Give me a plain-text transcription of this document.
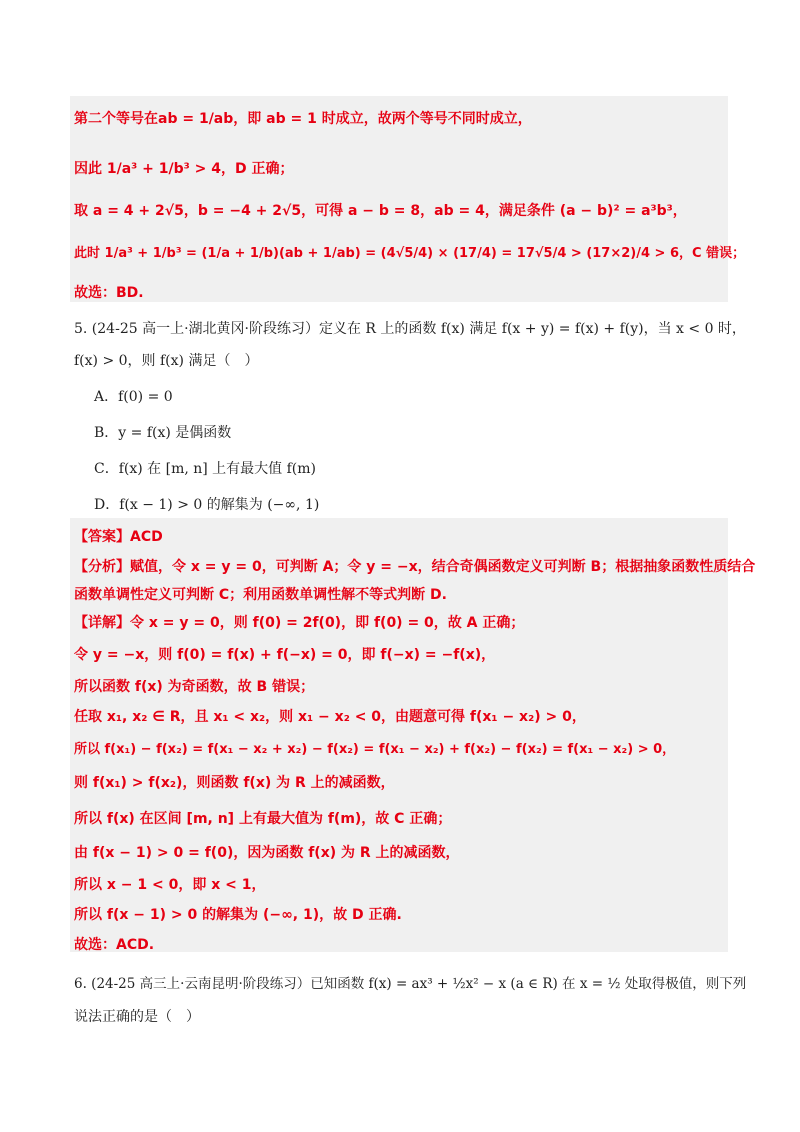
第二个等号在ab = 1/ab，即 ab = 1 时成立，故两个等号不同时成立，
因此 1/a³ + 1/b³ > 4，D 正确；
取 a = 4 + 2√5，b = −4 + 2√5，可得 a − b = 8，ab = 4，满足条件 (a − b)² = a³b³，
此时 1/a³ + 1/b³ = (1/a + 1/b)(ab + 1/ab) = (4√5/4) × (17/4) = 17√5/4 > (17×2)/4 > 6，C 错误；
故选：BD.
5. (24-25 高一上·湖北黄冈·阶段练习）定义在 R 上的函数 f(x) 满足 f(x + y) = f(x) + f(y)，当 x < 0 时，
f(x) > 0，则 f(x) 满足（　）
A．f(0) = 0
B．y = f(x) 是偶函数
C．f(x) 在 [m, n] 上有最大值 f(m)
D．f(x − 1) > 0 的解集为 (−∞, 1)
【答案】ACD
【分析】赋值，令 x = y = 0，可判断 A；令 y = −x，结合奇偶函数定义可判断 B；根据抽象函数性质结合
函数单调性定义可判断 C；利用函数单调性解不等式判断 D.
【详解】令 x = y = 0，则 f(0) = 2f(0)，即 f(0) = 0，故 A 正确；
令 y = −x，则 f(0) = f(x) + f(−x) = 0，即 f(−x) = −f(x)，
所以函数 f(x) 为奇函数，故 B 错误；
任取 x₁, x₂ ∈ R，且 x₁ < x₂，则 x₁ − x₂ < 0，由题意可得 f(x₁ − x₂) > 0，
所以 f(x₁) − f(x₂) = f(x₁ − x₂ + x₂) − f(x₂) = f(x₁ − x₂) + f(x₂) − f(x₂) = f(x₁ − x₂) > 0，
则 f(x₁) > f(x₂)，则函数 f(x) 为 R 上的减函数，
所以 f(x) 在区间 [m, n] 上有最大值为 f(m)，故 C 正确；
由 f(x − 1) > 0 = f(0)，因为函数 f(x) 为 R 上的减函数，
所以 x − 1 < 0，即 x < 1，
所以 f(x − 1) > 0 的解集为 (−∞, 1)，故 D 正确.
故选：ACD.
6. (24-25 高三上·云南昆明·阶段练习）已知函数 f(x) = ax³ + ½x² − x (a ∈ R) 在 x = ½ 处取得极值，则下列
说法正确的是（　）
